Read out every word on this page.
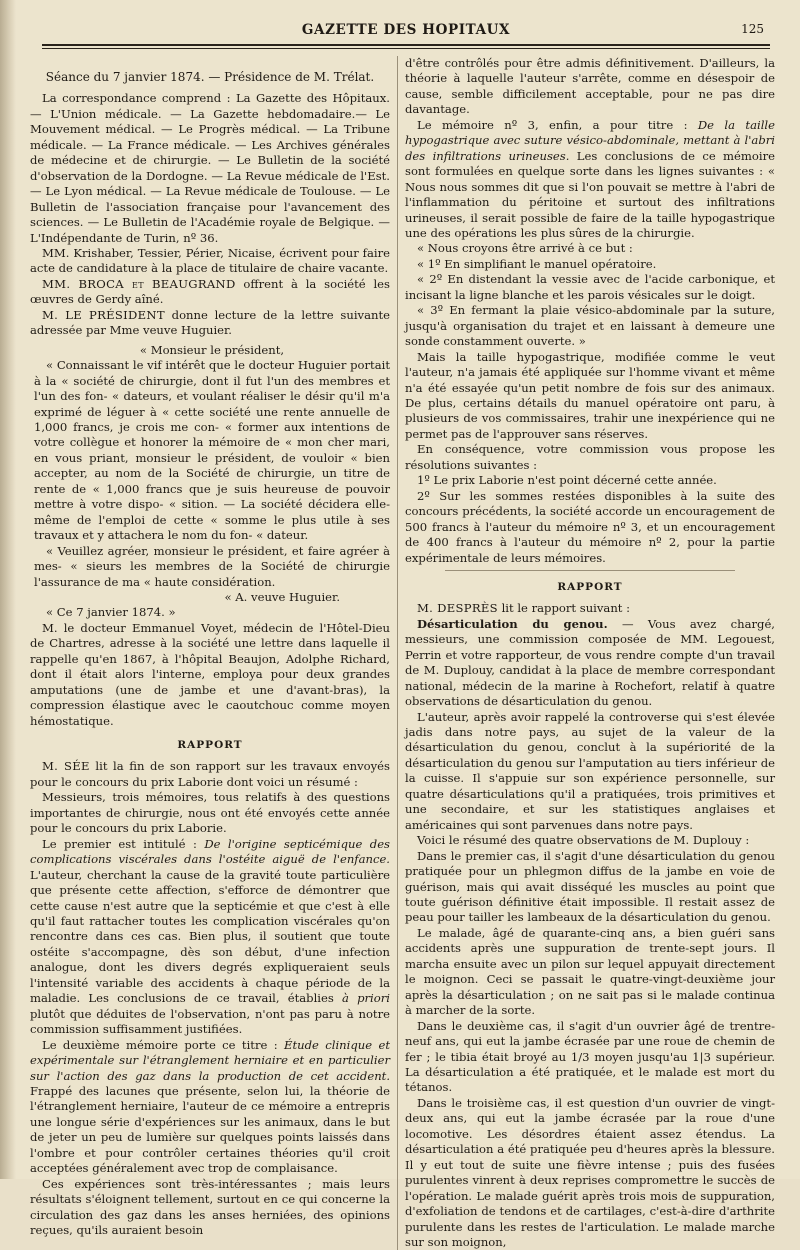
GAZETTE DES HOPITAUX	125

Séance du 7 janvier 1874. — Présidence de M. Trélat.

La correspondance comprend : La Gazette des Hôpitaux. — L'Union médicale. — La Gazette hebdomadaire.— Le Mouvement médical. — Le Progrès médical. — La Tribune médicale. — La France médicale. — Les Archives générales de médecine et de chirurgie. — Le Bulletin de la société d'observation de la Dordogne. — La Revue médicale de l'Est. — Le Lyon médical. — La Revue médicale de Toulouse. — Le Bulletin de l'association française pour l'avancement des sciences. — Le Bulletin de l'Académie royale de Belgique. — L'Indépendante de Turin, nº 36.

MM. Krishaber, Tessier, Périer, Nicaise, écrivent pour faire acte de candidature à la place de titulaire de chaire vacante.

MM. BROCA et BEAUGRAND offrent à la société les œuvres de Gerdy aîné.

M. LE PRÉSIDENT donne lecture de la lettre suivante adressée par Mme veuve Huguier.

« Monsieur le président,

« Connaissant le vif intérêt que le docteur Huguier portait à la « société de chirurgie, dont il fut l'un des membres et l'un des fon- « dateurs, et voulant réaliser le désir qu'il m'a exprimé de léguer à « cette société une rente annuelle de 1,000 francs, je crois me con- « former aux intentions de votre collègue et honorer la mémoire de « mon cher mari, en vous priant, monsieur le président, de vouloir « bien accepter, au nom de la Société de chirurgie, un titre de rente de « 1,000 francs que je suis heureuse de pouvoir mettre à votre dispo- « sition. — La société décidera elle-même de l'emploi de cette « somme le plus utile à ses travaux et y attachera le nom du fon- « dateur.

« Veuillez agréer, monsieur le président, et faire agréer à mes- « sieurs les membres de la Société de chirurgie l'assurance de ma « haute considération.

« A. veuve Huguier.

« Ce 7 janvier 1874. »

M. le docteur Emmanuel Voyet, médecin de l'Hôtel-Dieu de Chartres, adresse à la société une lettre dans laquelle il rappelle qu'en 1867, à l'hôpital Beaujon, Adolphe Richard, dont il était alors l'interne, employa pour deux grandes amputations (une de jambe et une d'avant-bras), la compression élastique avec le caoutchouc comme moyen hémostatique.

RAPPORT

M. SÉE lit la fin de son rapport sur les travaux envoyés pour le concours du prix Laborie dont voici un résumé :

Messieurs, trois mémoires, tous relatifs à des questions importantes de chirurgie, nous ont été envoyés cette année pour le concours du prix Laborie.

Le premier est intitulé : De l'origine septicémique des complications viscérales dans l'ostéite aiguë de l'enfance. L'auteur, cherchant la cause de la gravité toute particulière que présente cette affection, s'efforce de démontrer que cette cause n'est autre que la septicémie et que c'est à elle qu'il faut rattacher toutes les complication viscérales qu'on rencontre dans ces cas. Bien plus, il soutient que toute ostéite s'accompagne, dès son début, d'une infection analogue, dont les divers degrés expliqueraient seuls l'intensité variable des accidents à chaque période de la maladie. Les conclusions de ce travail, établies à priori plutôt que déduites de l'observation, n'ont pas paru à notre commission suffisamment justifiées.

Le deuxième mémoire porte ce titre : Étude clinique et expérimentale sur l'étranglement herniaire et en particulier sur l'action des gaz dans la production de cet accident. Frappé des lacunes que présente, selon lui, la théorie de l'étranglement herniaire, l'auteur de ce mémoire a entrepris une longue série d'expériences sur les animaux, dans le but de jeter un peu de lumière sur quelques points laissés dans l'ombre et pour contrôler certaines théories qu'il croit acceptées généralement avec trop de complaisance.

Ces expériences sont très-intéressantes ; mais leurs résultats s'éloignent tellement, surtout en ce qui concerne la circulation des gaz dans les anses herniées, des opinions reçues, qu'ils auraient besoin

d'être contrôlés pour être admis définitivement. D'ailleurs, la théorie à laquelle l'auteur s'arrête, comme en désespoir de cause, semble difficilement acceptable, pour ne pas dire davantage.

Le mémoire nº 3, enfin, a pour titre : De la taille hypogastrique avec suture vésico-abdominale, mettant à l'abri des infiltrations urineuses. Les conclusions de ce mémoire sont formulées en quelque sorte dans les lignes suivantes : « Nous nous sommes dit que si l'on pouvait se mettre à l'abri de l'inflammation du péritoine et surtout des infiltrations urineuses, il serait possible de faire de la taille hypogastrique une des opérations les plus sûres de la chirurgie.

« Nous croyons être arrivé à ce but :

« 1º En simplifiant le manuel opératoire.

« 2º En distendant la vessie avec de l'acide carbonique, et incisant la ligne blanche et les parois vésicales sur le doigt.

« 3º En fermant la plaie vésico-abdominale par la suture, jusqu'à organisation du trajet et en laissant à demeure une sonde constamment ouverte. »

Mais la taille hypogastrique, modifiée comme le veut l'auteur, n'a jamais été appliquée sur l'homme vivant et même n'a été essayée qu'un petit nombre de fois sur des animaux. De plus, certains détails du manuel opératoire ont paru, à plusieurs de vos commissaires, trahir une inexpérience qui ne permet pas de l'approuver sans réserves.

En conséquence, votre commission vous propose les résolutions suivantes :

1º Le prix Laborie n'est point décerné cette année.

2º Sur les sommes restées disponibles à la suite des concours précédents, la société accorde un encouragement de 500 francs à l'auteur du mémoire nº 3, et un encouragement de 400 francs à l'auteur du mémoire nº 2, pour la partie expérimentale de leurs mémoires.

RAPPORT

M. DESPRÈS lit le rapport suivant :

Désarticulation du genou. — Vous avez chargé, messieurs, une commission composée de MM. Legouest, Perrin et votre rapporteur, de vous rendre compte d'un travail de M. Duplouy, candidat à la place de membre correspondant national, médecin de la marine à Rochefort, relatif à quatre observations de désarticulation du genou.

L'auteur, après avoir rappelé la controverse qui s'est élevée jadis dans notre pays, au sujet de la valeur de la désarticulation du genou, conclut à la supériorité de la désarticulation du genou sur l'amputation au tiers inférieur de la cuisse. Il s'appuie sur son expérience personnelle, sur quatre désarticulations qu'il a pratiquées, trois primitives et une secondaire, et sur les statistiques anglaises et américaines qui sont parvenues dans notre pays.

Voici le résumé des quatre observations de M. Duplouy :

Dans le premier cas, il s'agit d'une désarticulation du genou pratiquée pour un phlegmon diffus de la jambe en voie de guérison, mais qui avait disséqué les muscles au point que toute guérison définitive était impossible. Il restait assez de peau pour tailler les lambeaux de la désarticulation du genou.

Le malade, âgé de quarante-cinq ans, a bien guéri sans accidents après une suppuration de trente-sept jours. Il marcha ensuite avec un pilon sur lequel appuyait directement le moignon. Ceci se passait le quatre-vingt-deuxième jour après la désarticulation ; on ne sait pas si le malade continua à marcher de la sorte.

Dans le deuxième cas, il s'agit d'un ouvrier âgé de trentre-neuf ans, qui eut la jambe écrasée par une roue de chemin de fer ; le tibia était broyé au 1/3 moyen jusqu'au 1|3 supérieur. La désarticulation a été pratiquée, et le malade est mort du tétanos.

Dans le troisième cas, il est question d'un ouvrier de vingt-deux ans, qui eut la jambe écrasée par la roue d'une locomotive. Les désordres étaient assez étendus. La désarticulation a été pratiquée peu d'heures après la blessure. Il y eut tout de suite une fièvre intense ; puis des fusées purulentes vinrent à deux reprises compromettre le succès de l'opération. Le malade guérit après trois mois de suppuration, d'exfoliation de tendons et de cartilages, c'est-à-dire d'arthrite purulente dans les restes de l'articulation. Le malade marche sur son moignon,
